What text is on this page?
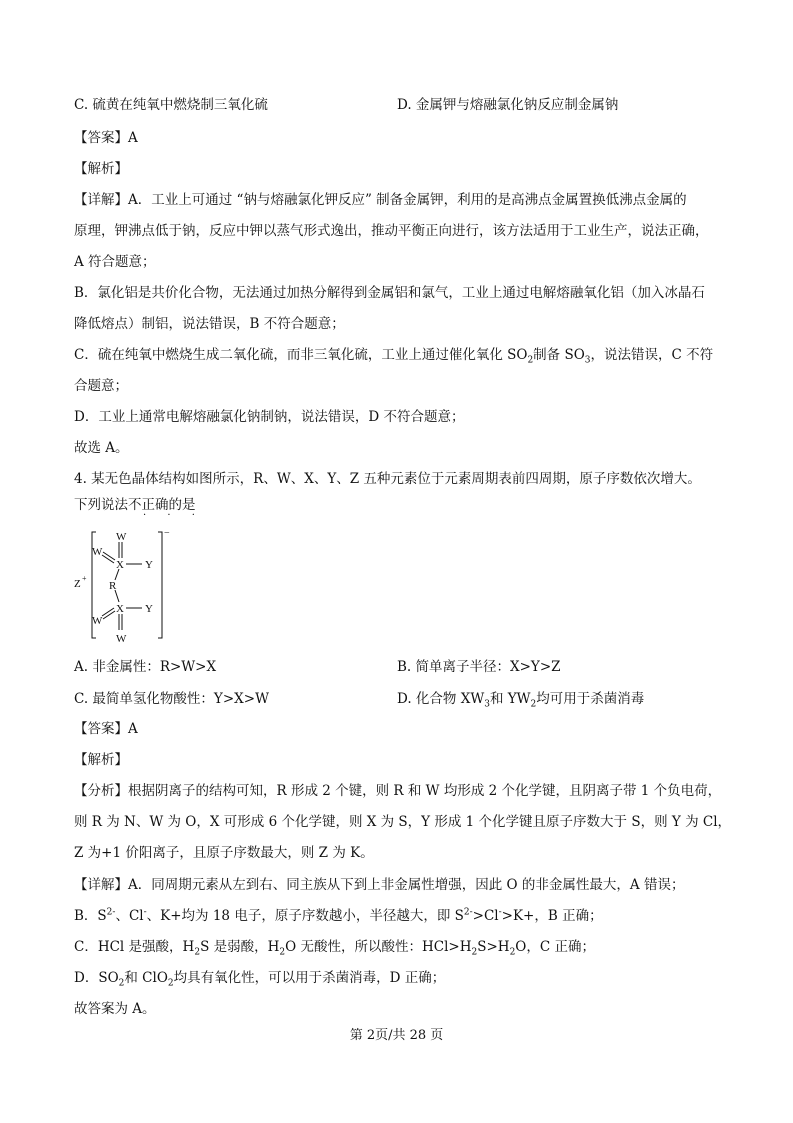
C. 硫黄在纯氧中燃烧制三氧化硫	D. 金属钾与熔融氯化钠反应制金属钠
【答案】A
【解析】
【详解】A．工业上可通过 “钠与熔融氯化钾反应” 制备金属钾，利用的是高沸点金属置换低沸点金属的
原理，钾沸点低于钠，反应中钾以蒸气形式逸出，推动平衡正向进行，该方法适用于工业生产，说法正确，
A 符合题意；
B．氯化铝是共价化合物，无法通过加热分解得到金属铝和氯气，工业上通过电解熔融氧化铝（加入冰晶石
降低熔点）制铝，说法错误，B 不符合题意；
C．硫在纯氧中燃烧生成二氧化硫，而非三氧化硫，工业上通过催化氧化 $SO_2$制备 $SO_3$，说法错误，C 不符
合题意；
D．工业上通常电解熔融氯化钠制钠，说法错误，D 不符合题意；
故选 A。
4. 某无色晶体结构如图所示，R、W、X、Y、Z 五种元素位于元素周期表前四周期，原子序数依次增大。
下列说法不正确的是
· · ·
W
W
X Y
R
X Y
W
W
Z +
−
A. 非金属性：R>W>X	B. 简单离子半径：X>Y>Z
C. 最简单氢化物酸性：Y>X>W	D. 化合物 $XW_3$和 $YW_2$均可用于杀菌消毒
【答案】A
【解析】
【分析】根据阴离子的结构可知，R 形成 2 个键，则 R 和 W 均形成 2 个化学键，且阴离子带 1 个负电荷，
则 R 为 N、W 为 O，X 可形成 6 个化学键，则 X 为 S，Y 形成 1 个化学键且原子序数大于 S，则 Y 为 Cl，
Z 为+1 价阳离子，且原子序数最大，则 Z 为 K。
【详解】A．同周期元素从左到右、同主族从下到上非金属性增强，因此 O 的非金属性最大，A 错误；
B．$S^{2-}$、Cl-、K+均为 18 电子，原子序数越小，半径越大，即 $S^{2-}>Cl^->K+$，B 正确；
C．HCl 是强酸，$H_2S$ 是弱酸，$H_2O$ 无酸性，所以酸性：$HCl>H_2S>H_2O$，C 正确；
D．$SO_2$和 ClO$_2$均具有氧化性，可以用于杀菌消毒，D 正确；
故答案为 A。
第 2页/共 28 页
